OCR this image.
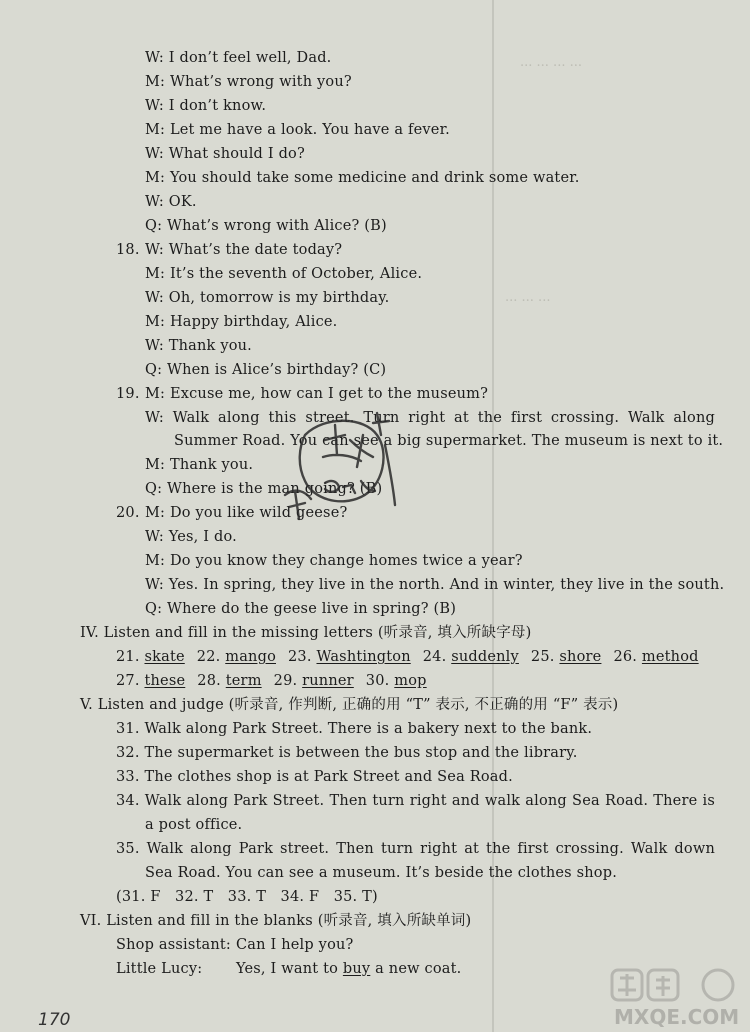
... ... ... ...
... ... ...
W: I don’t feel well, Dad.
M: What’s wrong with you?
W: I don’t know.
M: Let me have a look. You have a fever.
W: What should I do?
M: You should take some medicine and drink some water.
W: OK.
Q: What’s wrong with Alice? (B)
18. W: What’s the date today?
M: It’s the seventh of October, Alice.
W: Oh, tomorrow is my birthday.
M: Happy birthday, Alice.
W: Thank you.
Q: When is Alice’s birthday? (C)
19. M: Excuse me, how can I get to the museum?
W: Walk along this street. Turn right at the first crossing. Walk along
Summer Road. You can see a big supermarket. The museum is next to it.
M: Thank you.
Q: Where is the man going? (B)
20. M: Do you like wild geese?
W: Yes, I do.
M: Do you know they change homes twice a year?
W: Yes. In spring, they live in the north. And in winter, they live in the south.
Q: Where do the geese live in spring? (B)
IV. Listen and fill in the missing letters (听录音, 填入所缺字母)
21. skate 22. mango 23. Washtington 24. suddenly 25. shore 26. method
27. these 28. term 29. runner 30. mop
V. Listen and judge (听录音, 作判断, 正确的用 “T” 表示, 不正确的用 “F” 表示)
31. Walk along Park Street. There is a bakery next to the bank.
32. The supermarket is between the bus stop and the library.
33. The clothes shop is at Park Street and Sea Road.
34. Walk along Park Street. Then turn right and walk along Sea Road. There is
a post office.
35. Walk along Park street. Then turn right at the first crossing. Walk down
Sea Road. You can see a museum. It’s beside the clothes shop.
(31. F   32. T   33. T   34. F   35. T)
VI. Listen and fill in the blanks (听录音, 填入所缺单词)
Shop assistant: Can I help you?
Little Lucy: Yes, I want to buy a new coat.
170	MXQE.COM
